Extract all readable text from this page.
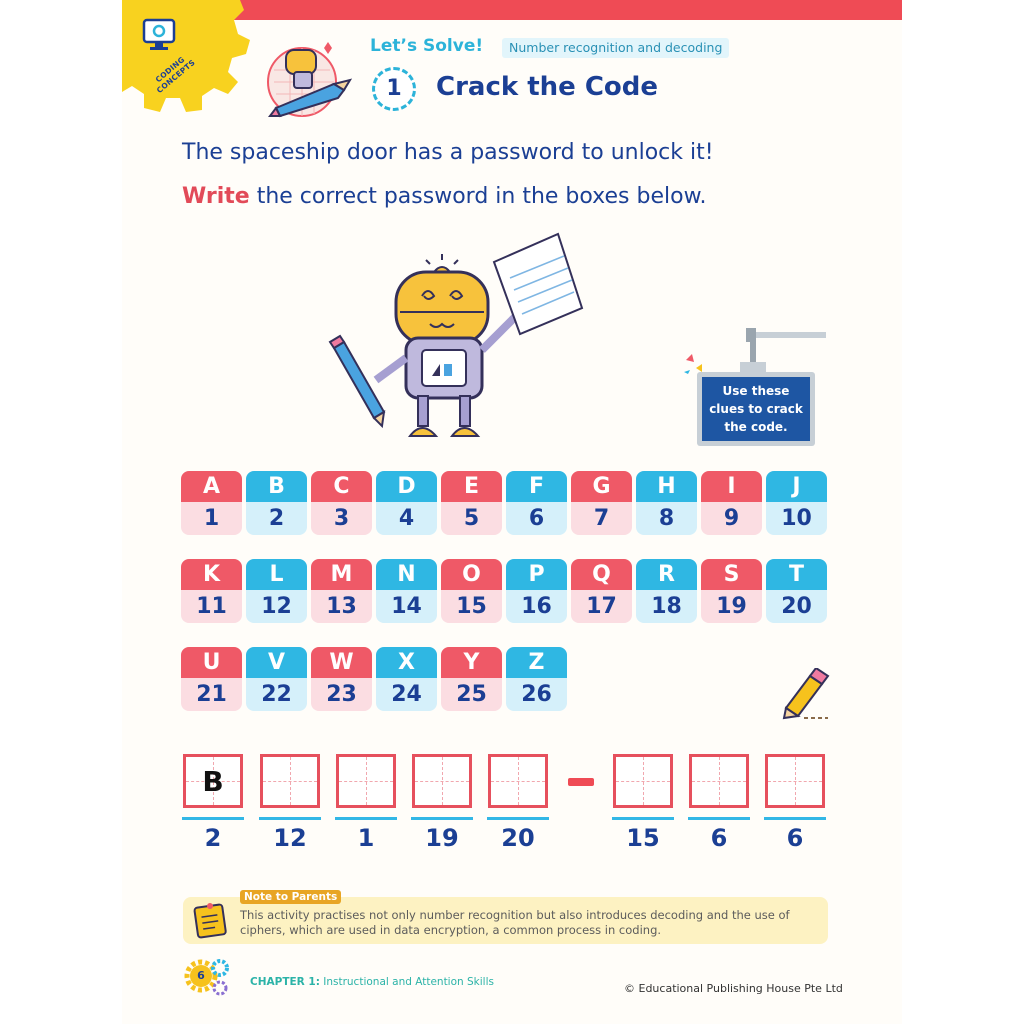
CODING CONCEPTS
Let’s Solve!	Number recognition and decoding
1	Crack the Code
The spaceship door has a password to unlock it!
Write the correct password in the boxes below.
Use these clues to crack the code.
A
1
B
2
C
3
D
4
E
5
F
6
G
7
H
8
I
9
J
10
K
11
L
12
M
13
N
14
O
15
P
16
Q
17
R
18
S
19
T
20
U
21
V
22
W
23
X
24
Y
25
Z
26
B
2	12	1	19	20	15	6	6
Note to Parents
This activity practises not only number recognition but also introduces decoding and the use of ciphers, which are used in data encryption, a common process in coding.
6	CHAPTER 1: Instructional and Attention Skills	© Educational Publishing House Pte Ltd
